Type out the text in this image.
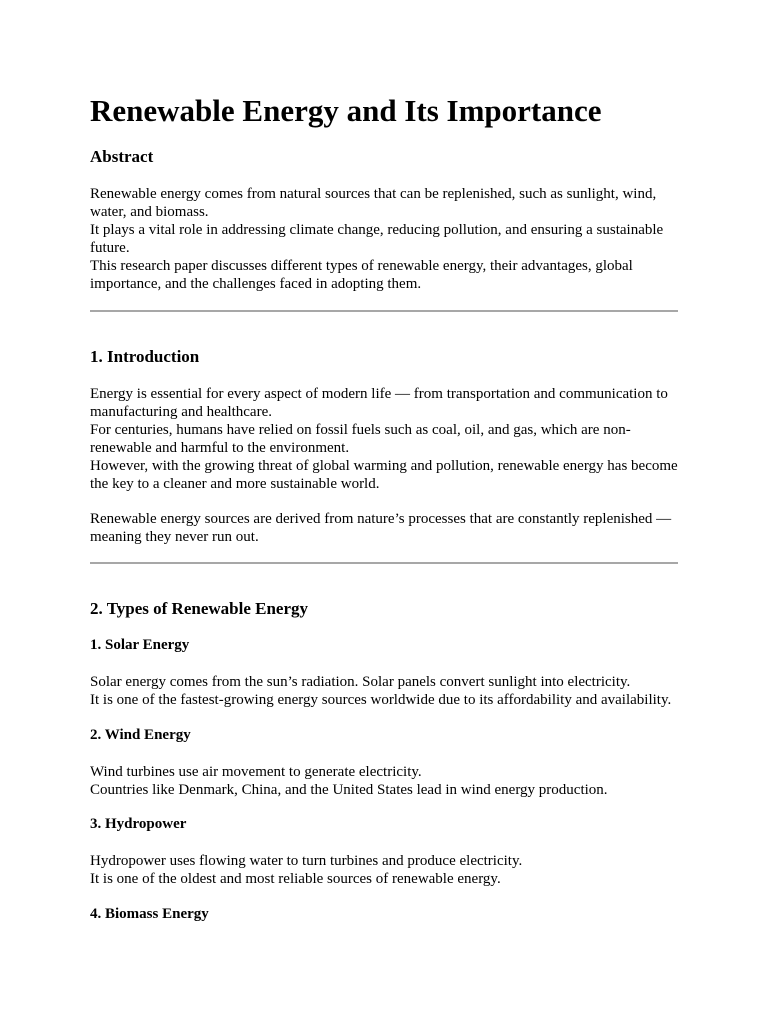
Renewable Energy and Its Importance
Abstract

Renewable energy comes from natural sources that can be replenished, such as sunlight, wind, water, and biomass.
It plays a vital role in addressing climate change, reducing pollution, and ensuring a sustainable future.
This research paper discusses different types of renewable energy, their advantages, global importance, and the challenges faced in adopting them.

1. Introduction

Energy is essential for every aspect of modern life — from transportation and communication to manufacturing and healthcare.
For centuries, humans have relied on fossil fuels such as coal, oil, and gas, which are non-renewable and harmful to the environment.
However, with the growing threat of global warming and pollution, renewable energy has become the key to a cleaner and more sustainable world.

Renewable energy sources are derived from nature’s processes that are constantly replenished — meaning they never run out.

2. Types of Renewable Energy
1. Solar Energy

Solar energy comes from the sun’s radiation. Solar panels convert sunlight into electricity.
It is one of the fastest-growing energy sources worldwide due to its affordability and availability.

2. Wind Energy

Wind turbines use air movement to generate electricity.
Countries like Denmark, China, and the United States lead in wind energy production.

3. Hydropower

Hydropower uses flowing water to turn turbines and produce electricity.
It is one of the oldest and most reliable sources of renewable energy.

4. Biomass Energy
